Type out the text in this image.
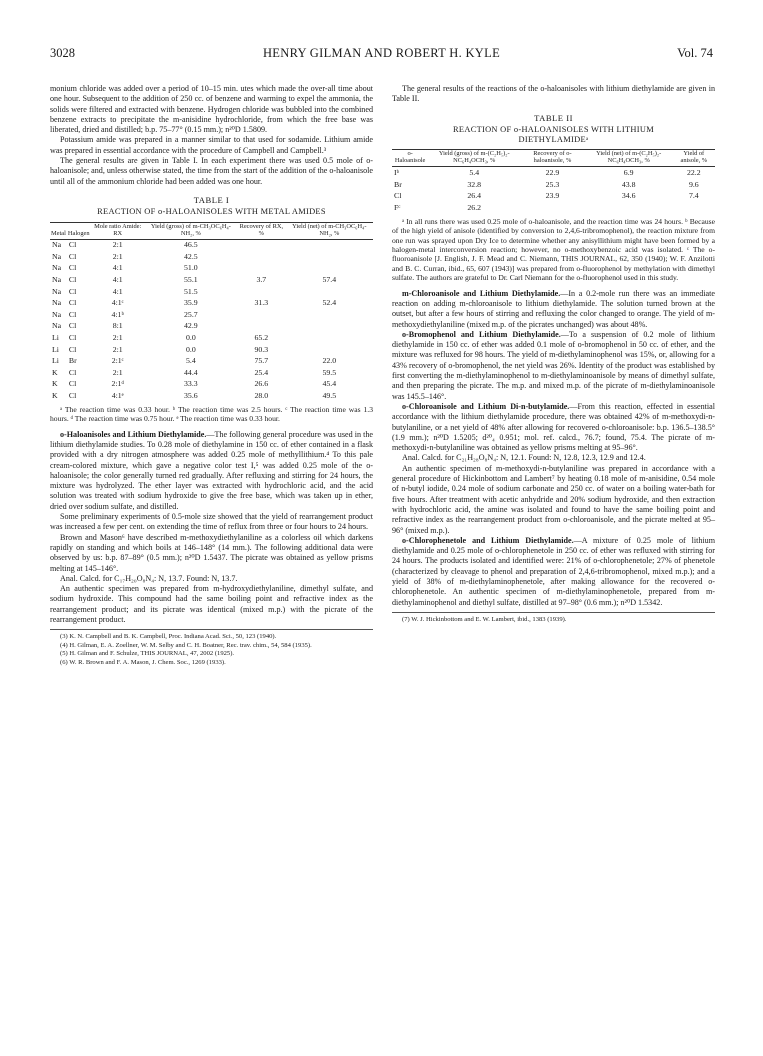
HENRY GILMAN AND ROBERT H. KYLE
3028	Vol. 74

monium chloride was added over a period of 10–15 min. utes which made the over-all time about one hour. Subsequent to the addition of 250 cc. of benzene and warming to expel the ammonia, the solids were filtered and extracted with benzene. Hydrogen chloride was bubbled into the combined benzene extracts to precipitate the m-anisidine hydrochloride, from which the free base was liberated, dried and distilled; b.p. 75–77° (0.15 mm.); n²⁰D 1.5809.

Potassium amide was prepared in a manner similar to that used for sodamide. Lithium amide was prepared in essential accordance with the procedure of Campbell and Campbell.³

The general results are given in Table I. In each experiment there was used 0.5 mole of o-haloanisole; and, unless otherwise stated, the time from the start of the addition of the o-haloanisole until all of the ammonium chloride had been added was one hour.

TABLE I
REACTION OF o-HALOANISOLES WITH METAL AMIDES
Metal	Halogen	Mole ratio Amide: RX	Yield (gross) of m-CH₃OC₆H₄-NH₂, %	Recovery of RX, %	Yield (net) of m-CH₃OC₆H₄-NH₂, %
Na	Cl	2:1	46.5		
Na	Cl	2:1	42.5		
Na	Cl	4:1	51.0		
Na	Cl	4:1	55.1	3.7	57.4
Na	Cl	4:1	51.5		
Na	Cl	4:1ᶜ	35.9	31.3	52.4
Na	Cl	4:1ᵇ	25.7		
Na	Cl	8:1	42.9		
Li	Cl	2:1	0.0	65.2	
Li	Cl	2:1	0.0	90.3	
Li	Br	2:1ᶜ	5.4	75.7	22.0
K	Cl	2:1	44.4	25.4	59.5
K	Cl	2:1ᵈ	33.3	26.6	45.4
K	Cl	4:1ᵉ	35.6	28.0	49.5
ᵃ The reaction time was 0.33 hour. ᵇ The reaction time was 2.5 hours. ᶜ The reaction time was 1.3 hours. ᵈ The reaction time was 0.75 hour. ᵉ The reaction time was 0.33 hour.

o-Haloanisoles and Lithium Diethylamide.—The following general procedure was used in the lithium diethylamide studies. To 0.28 mole of diethylamine in 150 cc. of ether contained in a flask provided with a dry nitrogen atmosphere was added 0.25 mole of methyllithium.⁴ To this pale cream-colored mixture, which gave a negative color test I,⁵ was added 0.25 mole of the o-haloanisole; the color generally turned red gradually. After refluxing and stirring for 24 hours, the mixture was hydrolyzed. The ether layer was extracted with hydrochloric acid, and the acid solution was treated with sodium hydroxide to give the free base, which was taken up in ether, dried over sodium sulfate, and distilled.

Some preliminary experiments of 0.5-mole size showed that the yield of rearrangement product was increased a few per cent. on extending the time of reflux from three or four hours to 24 hours.

Brown and Mason⁶ have described m-methoxydiethylaniline as a colorless oil which darkens rapidly on standing and which boils at 146–148° (14 mm.). The following additional data were observed by us: b.p. 87–89° (0.5 mm.); n²⁰D 1.5437. The picrate was obtained as yellow prisms melting at 145–146°.

Anal. Calcd. for C₁₇H₂₀O₈N₄: N, 13.7. Found: N, 13.7.

An authentic specimen was prepared from m-hydroxydiethylaniline, dimethyl sulfate, and sodium hydroxide. This compound had the same boiling point and refractive index as the rearrangement product; and its picrate was identical (mixed m.p.) with the picrate of the rearrangement product.

(3) K. N. Campbell and B. K. Campbell, Proc. Indiana Acad. Sci., 50, 123 (1940).
(4) H. Gilman, E. A. Zoellner, W. M. Selby and C. H. Boatner, Rec. trav. chim., 54, 584 (1935).
(5) H. Gilman and F. Schulze, THIS JOURNAL, 47, 2002 (1925).
(6) W. R. Brown and F. A. Mason, J. Chem. Soc., 1269 (1933).

The general results of the reactions of the o-haloanisoles with lithium diethylamide are given in Table II.

TABLE II
REACTION OF o-HALOANISOLES WITH LITHIUM
DIETHYLAMIDEᵃ
o-Haloanisole	Yield (gross) of m-(C₂H₅)₂-NC₆H₄OCH₃, %	Recovery of o-haloanisole, %	Yield (net) of m-(C₂H₅)₂-NC₆H₄OCH₃, %	Yield of anisole, %
Iᵇ	5.4	22.9	6.9	22.2
Br	32.8	25.3	43.8	9.6
Cl	26.4	23.9	34.6	7.4
Fᶜ	26.2			
ᵃ In all runs there was used 0.25 mole of o-haloanisole, and the reaction time was 24 hours. ᵇ Because of the high yield of anisole (identified by conversion to 2,4,6-tribromophenol), the reaction mixture from one run was sprayed upon Dry Ice to determine whether any anisyllithium might have been formed by a halogen-metal interconversion reaction; however, no o-methoxybenzoic acid was isolated. ᶜ The o-fluoroanisole [J. English, J. F. Mead and C. Niemann, THIS JOURNAL, 62, 350 (1940); W. F. Anzilotti and B. C. Curran, ibid., 65, 607 (1943)] was prepared from o-fluorophenol by methylation with dimethyl sulfate. The authors are grateful to Dr. Carl Niemann for the o-fluorophenol used in this study.

m-Chloroanisole and Lithium Diethylamide.—In a 0.2-mole run there was an immediate reaction on adding m-chloroanisole to lithium diethylamide. The solution turned brown at the outset, but after a few hours of stirring and refluxing the color changed to orange. The yield of m-methoxydiethylaniline (mixed m.p. of the picrates unchanged) was about 48%.

o-Bromophenol and Lithium Diethylamide.—To a suspension of 0.2 mole of lithium diethylamide in 150 cc. of ether was added 0.1 mole of o-bromophenol in 50 cc. of ether, and the mixture was refluxed for 98 hours. The yield of m-diethylaminophenol was 15%, or, allowing for a 43% recovery of o-bromophenol, the net yield was 26%. Identity of the product was established by first converting the m-diethylaminophenol to m-diethylaminoanisole by means of dimethyl sulfate, and then preparing the picrate. The m.p. and mixed m.p. of the picrate of m-diethylaminoanisole was 145.5–146°.

o-Chloroanisole and Lithium Di-n-butylamide.—From this reaction, effected in essential accordance with the lithium diethylamide procedure, there was obtained 42% of m-methoxydi-n-butylaniline, or a net yield of 48% after allowing for recovered o-chloroanisole: b.p. 136.5–138.5° (1.9 mm.); n²⁰D 1.5205; d²⁰₄ 0.951; mol. ref. calcd., 76.7; found, 75.4. The picrate of m-methoxydi-n-butylaniline was obtained as yellow prisms melting at 95–96°.

Anal. Calcd. for C₂₁H₂₈O₈N₄: N, 12.1. Found: N, 12.8, 12.3, 12.9 and 12.4.

An authentic specimen of m-methoxydi-n-butylaniline was prepared in accordance with a general procedure of Hickinbottom and Lambert⁷ by heating 0.18 mole of m-anisidine, 0.54 mole of n-butyl iodide, 0.24 mole of sodium carbonate and 250 cc. of water on a boiling water-bath for five hours. After treatment with acetic anhydride and 20% sodium hydroxide, and then extraction with hydrochloric acid, the amine was isolated and found to have the same boiling point and refractive index as the rearrangement product from o-chloroanisole, and the picrate melted at 95–96° (mixed m.p.).

o-Chlorophenetole and Lithium Diethylamide.—A mixture of 0.25 mole of lithium diethylamide and 0.25 mole of o-chlorophenetole in 250 cc. of ether was refluxed with stirring for 24 hours. The products isolated and identified were: 21% of o-chlorophenetole; 27% of phenetole (characterized by cleavage to phenol and preparation of 2,4,6-tribromophenol, mixed m.p.); and a yield of 38% of m-diethylaminophenetole, after making allowance for the recovered o-chlorophenetole. An authentic specimen of m-diethylaminophenetole, prepared from m-diethylaminophenol and diethyl sulfate, distilled at 97–98° (0.6 mm.); n²⁰D 1.5342.

(7) W. J. Hickinbottom and E. W. Lambert, ibid., 1383 (1939).
